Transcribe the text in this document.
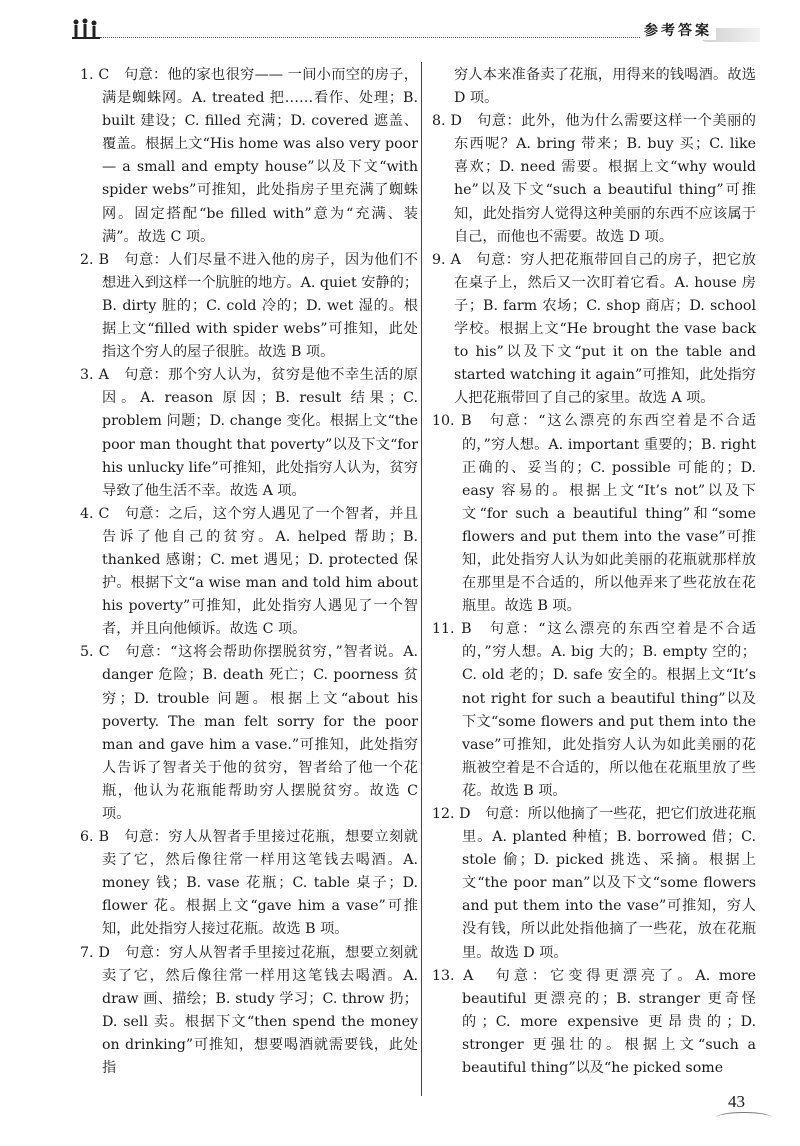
参考答案

1. C　句意：他的家也很穷—— 一间小而空的房子，满是蜘蛛网。A. treated 把……看作、处理；B. built 建设；C. filled 充满；D. covered 遮盖、覆盖。根据上文“His home was also very poor — a small and empty house”以及下文“with spider webs”可推知，此处指房子里充满了蜘蛛网。固定搭配“be filled with”意为“充满、装满”。故选 C 项。

2. B　句意：人们尽量不进入他的房子，因为他们不想进入到这样一个肮脏的地方。A. quiet 安静的；B. dirty 脏的；C. cold 冷的；D. wet 湿的。根据上文“filled with spider webs”可推知，此处指这个穷人的屋子很脏。故选 B 项。

3. A　句意：那个穷人认为，贫穷是他不幸生活的原因。A. reason 原因；B. result 结果；C. problem 问题；D. change 变化。根据上文“the poor man thought that poverty”以及下文“for his unlucky life”可推知，此处指穷人认为，贫穷导致了他生活不幸。故选 A 项。

4. C　句意：之后，这个穷人遇见了一个智者，并且告诉了他自己的贫穷。A. helped 帮助；B. thanked 感谢；C. met 遇见；D. protected 保护。根据下文“a wise man and told him about his poverty”可推知，此处指穷人遇见了一个智者，并且向他倾诉。故选 C 项。

5. C　句意：“这将会帮助你摆脱贫穷，”智者说。A. danger 危险；B. death 死亡；C. poorness 贫穷；D. trouble 问题。根据上文“about his poverty. The man felt sorry for the poor man and gave him a vase.”可推知，此处指穷人告诉了智者关于他的贫穷，智者给了他一个花瓶，他认为花瓶能帮助穷人摆脱贫穷。故选 C 项。

6. B　句意：穷人从智者手里接过花瓶，想要立刻就卖了它，然后像往常一样用这笔钱去喝酒。A. money 钱；B. vase 花瓶；C. table 桌子；D. flower 花。根据上文“gave him a vase”可推知，此处指穷人接过花瓶。故选 B 项。

7. D　句意：穷人从智者手里接过花瓶，想要立刻就卖了它，然后像往常一样用这笔钱去喝酒。A. draw 画、描绘；B. study 学习；C. throw 扔；D. sell 卖。根据下文“then spend the money on drinking”可推知，想要喝酒就需要钱，此处指

穷人本来准备卖了花瓶，用得来的钱喝酒。故选 D 项。

8. D　句意：此外，他为什么需要这样一个美丽的东西呢？A. bring 带来；B. buy 买；C. like 喜欢；D. need 需要。根据上文“why would he”以及下文“such a beautiful thing”可推知，此处指穷人觉得这种美丽的东西不应该属于自己，而他也不需要。故选 D 项。

9. A　句意：穷人把花瓶带回自己的房子，把它放在桌子上，然后又一次盯着它看。A. house 房子；B. farm 农场；C. shop 商店；D. school 学校。根据上文“He brought the vase back to his”以及下文“put it on the table and started watching it again”可推知，此处指穷人把花瓶带回了自己的家里。故选 A 项。

10. B　句意：“这么漂亮的东西空着是不合适的，”穷人想。A. important 重要的；B. right 正确的、妥当的；C. possible 可能的；D. easy 容易的。根据上文“It’s not”以及下文“for such a beautiful thing”和“some flowers and put them into the vase”可推知，此处指穷人认为如此美丽的花瓶就那样放在那里是不合适的，所以他弄来了些花放在花瓶里。故选 B 项。

11. B　句意：“这么漂亮的东西空着是不合适的，”穷人想。A. big 大的；B. empty 空的；C. old 老的；D. safe 安全的。根据上文“It’s not right for such a beautiful thing”以及下文“some flowers and put them into the vase”可推知，此处指穷人认为如此美丽的花瓶被空着是不合适的，所以他在花瓶里放了些花。故选 B 项。

12. D　句意：所以他摘了一些花，把它们放进花瓶里。A. planted 种植；B. borrowed 借；C. stole 偷；D. picked 挑选、采摘。根据上文“the poor man”以及下文“some flowers and put them into the vase”可推知，穷人没有钱，所以此处指他摘了一些花，放在花瓶里。故选 D 项。

13. A　句意：它变得更漂亮了。A. more beautiful 更漂亮的；B. stranger 更奇怪的；C. more expensive 更昂贵的；D. stronger 更强壮的。根据上文“such a beautiful thing”以及“he picked some

43
